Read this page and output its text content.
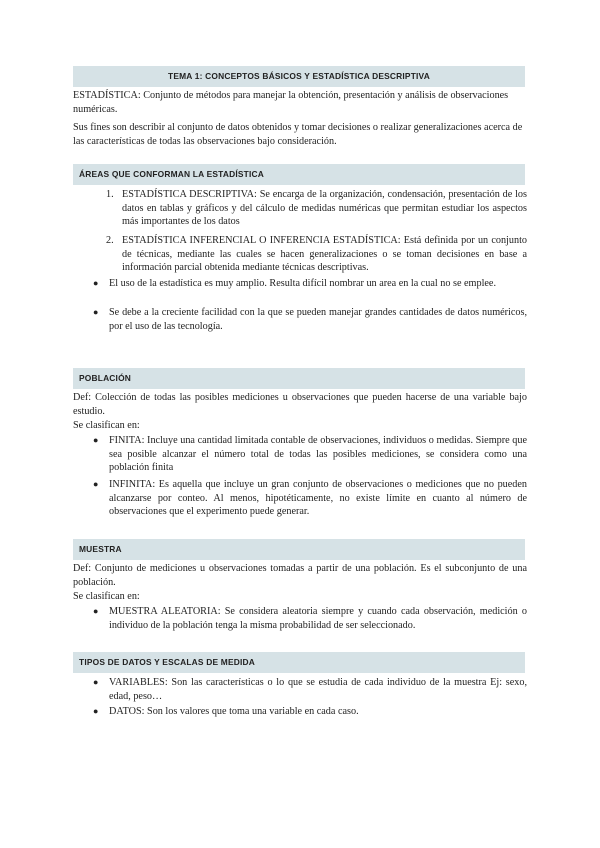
TEMA 1: CONCEPTOS BÁSICOS Y ESTADÍSTICA DESCRIPTIVA
ESTADÍSTICA: Conjunto de métodos para manejar la obtención, presentación y análisis de observaciones numéricas.
Sus fines son describir al conjunto de datos obtenidos y tomar decisiones o realizar generalizaciones acerca de las características de todas las observaciones bajo consideración.
ÁREAS QUE CONFORMAN LA ESTADÍSTICA
1. ESTADÍSTICA DESCRIPTIVA: Se encarga de la organización, condensación, presentación de los datos en tablas y gráficos y del cálculo de medidas numéricas que permitan estudiar los aspectos más importantes de los datos
2. ESTADÍSTICA INFERENCIAL O INFERENCIA ESTADÍSTICA: Está definida por un conjunto de técnicas, mediante las cuales se hacen generalizaciones o se toman decisiones en base a información parcial obtenida mediante técnicas descriptivas.
● El uso de la estadística es muy amplio. Resulta difícil nombrar un area en la cual no se emplee.
● Se debe a la creciente facilidad con la que se pueden manejar grandes cantidades de datos numéricos, por el uso de las tecnología.
POBLACIÓN
Def: Colección de todas las posibles mediciones u observaciones que pueden hacerse de una variable bajo estudio.
Se clasifican en:
● FINITA: Incluye una cantidad limitada contable de observaciones, individuos o medidas. Siempre que sea posible alcanzar el número total de todas las posibles mediciones, se considera como una población finita
● INFINITA: Es aquella que incluye un gran conjunto de observaciones o mediciones que no pueden alcanzarse por conteo. Al menos, hipotéticamente, no existe límite en cuanto al número de observaciones que el experimento puede generar.
MUESTRA
Def: Conjunto de mediciones u observaciones tomadas a partir de una población. Es el subconjunto de una población.
Se clasifican en:
● MUESTRA ALEATORIA: Se considera aleatoria siempre y cuando cada observación, medición o individuo de la población tenga la misma probabilidad de ser seleccionado.
TIPOS DE DATOS Y ESCALAS DE MEDIDA
● VARIABLES: Son las características o lo que se estudia de cada individuo de la muestra Ej: sexo, edad, peso…
● DATOS: Son los valores que toma una variable en cada caso.
